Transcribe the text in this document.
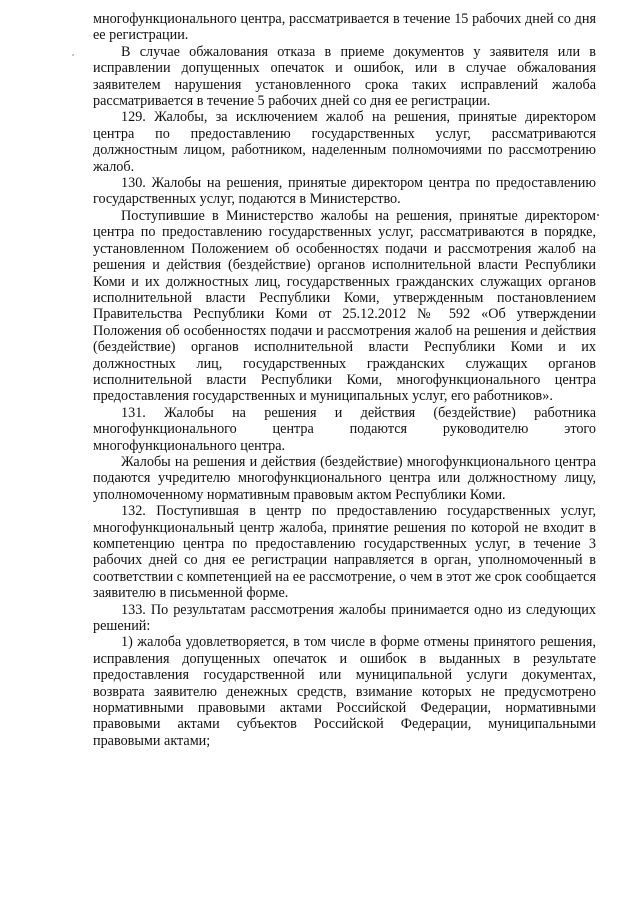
многофункционального центра, рассматривается в течение 15 рабочих дней со дня ее регистрации.

В случае обжалования отказа в приеме документов у заявителя или в исправлении допущенных опечаток и ошибок, или в случае обжалования заявителем нарушения установленного срока таких исправлений жалоба рассматривается в течение 5 рабочих дней со дня ее регистрации.

129. Жалобы, за исключением жалоб на решения, принятые директором центра по предоставлению государственных услуг, рассматриваются должностным лицом, работником, наделенным полномочиями по рассмотрению жалоб.

130. Жалобы на решения, принятые директором центра по предоставлению государственных услуг, подаются в Министерство.

Поступившие в Министерство жалобы на решения, принятые директором центра по предоставлению государственных услуг, рассматриваются в порядке, установленном Положением об особенностях подачи и рассмотрения жалоб на решения и действия (бездействие) органов исполнительной власти Республики Коми и их должностных лиц, государственных гражданских служащих органов исполнительной власти Республики Коми, утвержденным постановлением Правительства Республики Коми от 25.12.2012 № 592 «Об утверждении Положения об особенностях подачи и рассмотрения жалоб на решения и действия (бездействие) органов исполнительной власти Республики Коми и их должностных лиц, государственных гражданских служащих органов исполнительной власти Республики Коми, многофункционального центра предоставления государственных и муниципальных услуг, его работников».

131. Жалобы на решения и действия (бездействие) работника многофункционального центра подаются руководителю этого многофункционального центра.

Жалобы на решения и действия (бездействие) многофункционального центра подаются учредителю многофункционального центра или должностному лицу, уполномоченному нормативным правовым актом Республики Коми.

132. Поступившая в центр по предоставлению государственных услуг, многофункциональный центр жалоба, принятие решения по которой не входит в компетенцию центра по предоставлению государственных услуг, в течение 3 рабочих дней со дня ее регистрации направляется в орган, уполномоченный в соответствии с компетенцией на ее рассмотрение, о чем в этот же срок сообщается заявителю в письменной форме.

133. По результатам рассмотрения жалобы принимается одно из следующих решений:

1) жалоба удовлетворяется, в том числе в форме отмены принятого решения, исправления допущенных опечаток и ошибок в выданных в результате предоставления государственной или муниципальной услуги документах, возврата заявителю денежных средств, взимание которых не предусмотрено нормативными правовыми актами Российской Федерации, нормативными правовыми актами субъектов Российской Федерации, муниципальными правовыми актами;
